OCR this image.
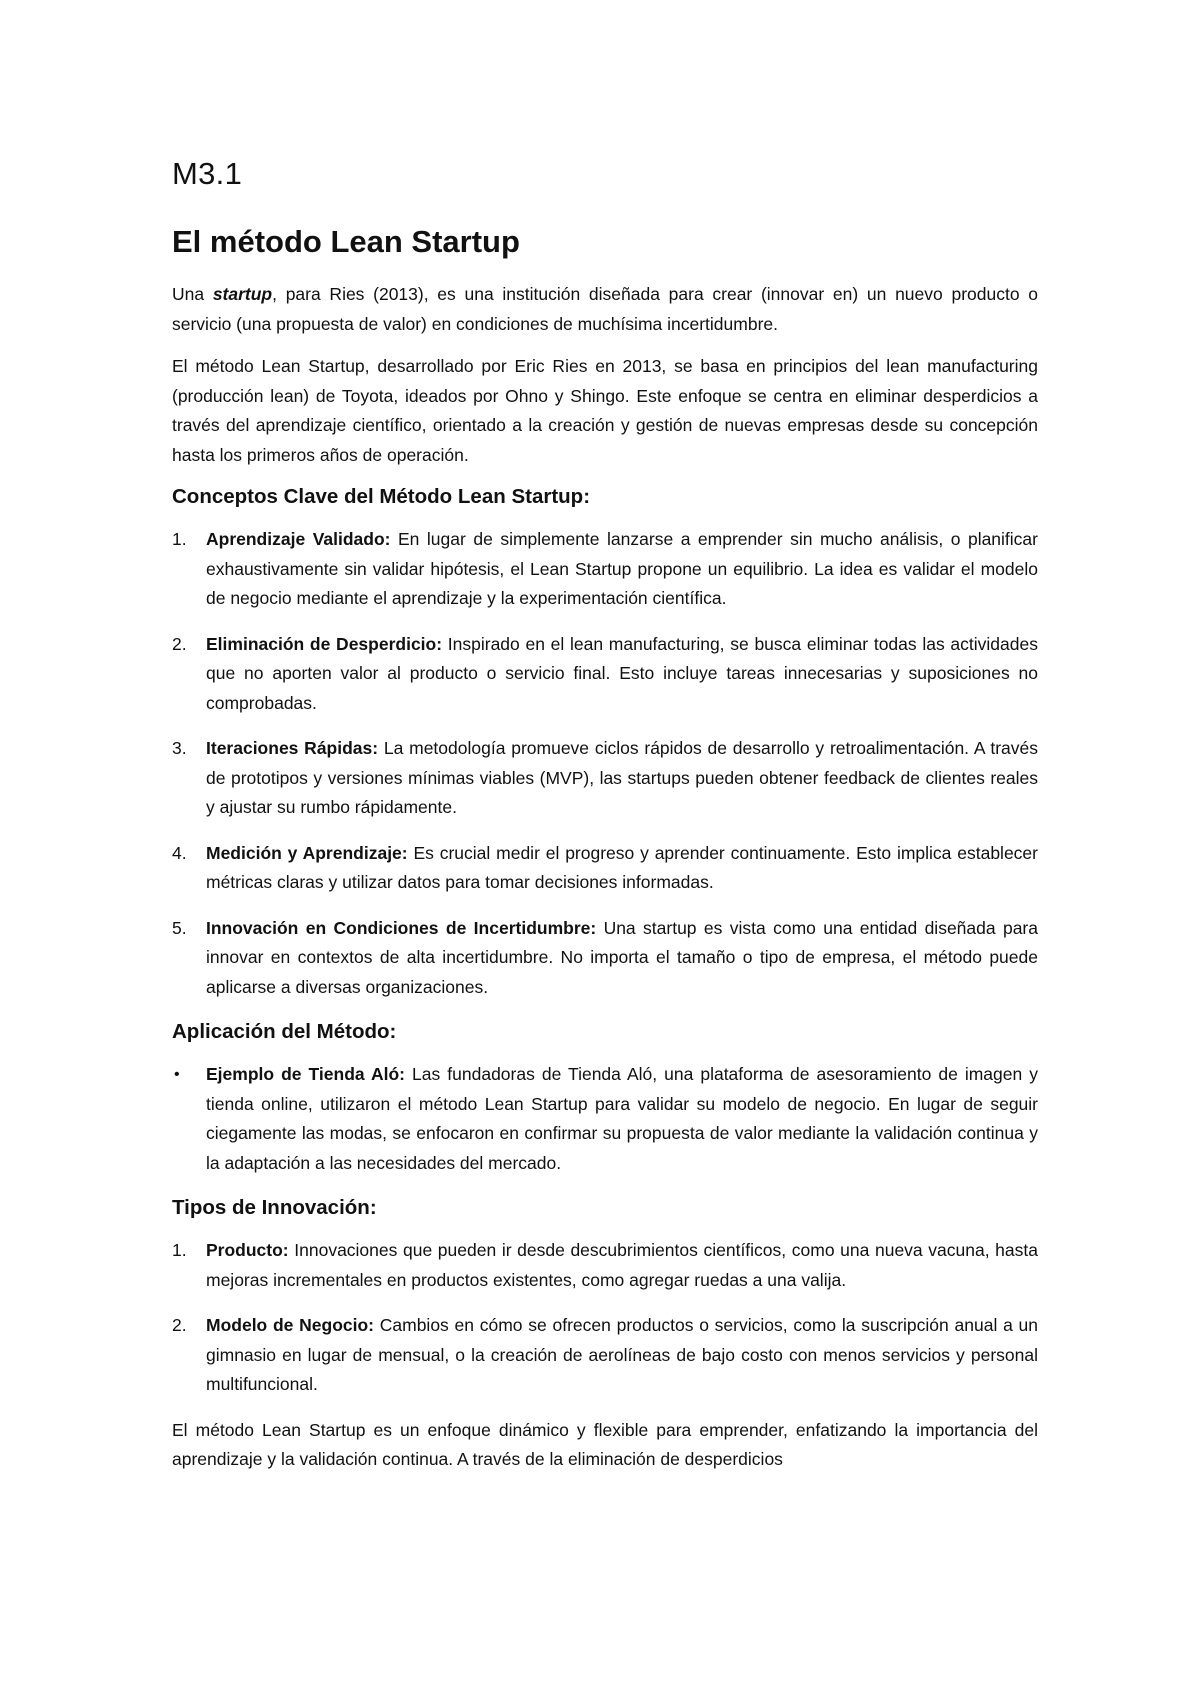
M3.1
El método Lean Startup

Una startup, para Ries (2013), es una institución diseñada para crear (innovar en) un nuevo producto o servicio (una propuesta de valor) en condiciones de muchísima incertidumbre.

El método Lean Startup, desarrollado por Eric Ries en 2013, se basa en principios del lean manufacturing (producción lean) de Toyota, ideados por Ohno y Shingo. Este enfoque se centra en eliminar desperdicios a través del aprendizaje científico, orientado a la creación y gestión de nuevas empresas desde su concepción hasta los primeros años de operación.

Conceptos Clave del Método Lean Startup:
1.	Aprendizaje Validado: En lugar de simplemente lanzarse a emprender sin mucho análisis, o planificar exhaustivamente sin validar hipótesis, el Lean Startup propone un equilibrio. La idea es validar el modelo de negocio mediante el aprendizaje y la experimentación científica.
2.	Eliminación de Desperdicio: Inspirado en el lean manufacturing, se busca eliminar todas las actividades que no aporten valor al producto o servicio final. Esto incluye tareas innecesarias y suposiciones no comprobadas.
3.	Iteraciones Rápidas: La metodología promueve ciclos rápidos de desarrollo y retroalimentación. A través de prototipos y versiones mínimas viables (MVP), las startups pueden obtener feedback de clientes reales y ajustar su rumbo rápidamente.
4.	Medición y Aprendizaje: Es crucial medir el progreso y aprender continuamente. Esto implica establecer métricas claras y utilizar datos para tomar decisiones informadas.
5.	Innovación en Condiciones de Incertidumbre: Una startup es vista como una entidad diseñada para innovar en contextos de alta incertidumbre. No importa el tamaño o tipo de empresa, el método puede aplicarse a diversas organizaciones.
Aplicación del Método:
• Ejemplo de Tienda Aló: Las fundadoras de Tienda Aló, una plataforma de asesoramiento de imagen y tienda online, utilizaron el método Lean Startup para validar su modelo de negocio. En lugar de seguir ciegamente las modas, se enfocaron en confirmar su propuesta de valor mediante la validación continua y la adaptación a las necesidades del mercado.
Tipos de Innovación:
1.	Producto: Innovaciones que pueden ir desde descubrimientos científicos, como una nueva vacuna, hasta mejoras incrementales en productos existentes, como agregar ruedas a una valija.
2.	Modelo de Negocio: Cambios en cómo se ofrecen productos o servicios, como la suscripción anual a un gimnasio en lugar de mensual, o la creación de aerolíneas de bajo costo con menos servicios y personal multifuncional.

El método Lean Startup es un enfoque dinámico y flexible para emprender, enfatizando la importancia del aprendizaje y la validación continua. A través de la eliminación de desperdicios
